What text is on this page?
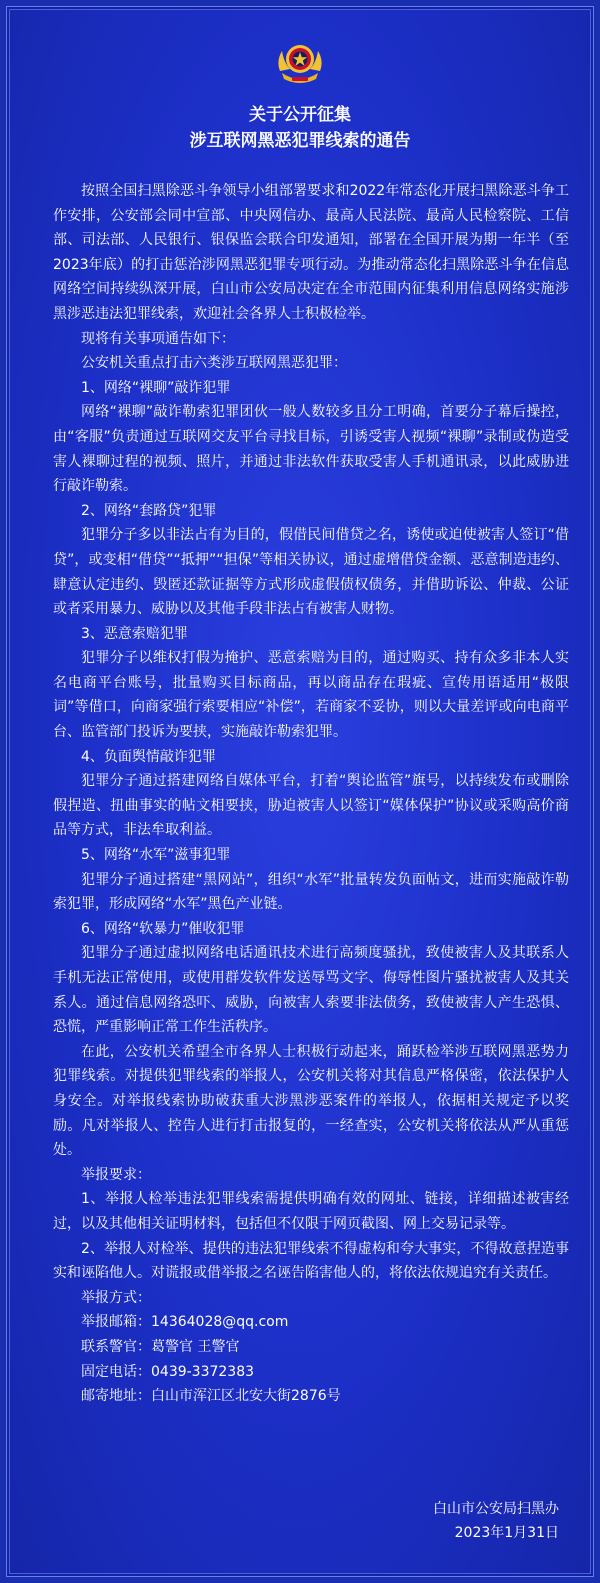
关于公开征集
涉互联网黑恶犯罪线索的通告

按照全国扫黑除恶斗争领导小组部署要求和2022年常态化开展扫黑除恶斗争工作安排，公安部会同中宣部、中央网信办、最高人民法院、最高人民检察院、工信部、司法部、人民银行、银保监会联合印发通知，部署在全国开展为期一年半（至2023年底）的打击惩治涉网黑恶犯罪专项行动。为推动常态化扫黑除恶斗争在信息网络空间持续纵深开展，白山市公安局决定在全市范围内征集利用信息网络实施涉黑涉恶违法犯罪线索，欢迎社会各界人士积极检举。

现将有关事项通告如下：

公安机关重点打击六类涉互联网黑恶犯罪：

1、网络“裸聊”敲诈犯罪

网络“裸聊”敲诈勒索犯罪团伙一般人数较多且分工明确，首要分子幕后操控，由“客服”负责通过互联网交友平台寻找目标，引诱受害人视频“裸聊”录制或伪造受害人裸聊过程的视频、照片，并通过非法软件获取受害人手机通讯录，以此威胁进行敲诈勒索。

2、网络“套路贷”犯罪

犯罪分子多以非法占有为目的，假借民间借贷之名，诱使或迫使被害人签订“借贷”，或变相“借贷”“抵押”“担保”等相关协议，通过虚增借贷金额、恶意制造违约、肆意认定违约、毁匿还款证据等方式形成虚假债权债务，并借助诉讼、仲裁、公证或者采用暴力、威胁以及其他手段非法占有被害人财物。

3、恶意索赔犯罪

犯罪分子以维权打假为掩护、恶意索赔为目的，通过购买、持有众多非本人实名电商平台账号，批量购买目标商品，再以商品存在瑕疵、宣传用语适用“极限词”等借口，向商家强行索要相应“补偿”，若商家不妥协，则以大量差评或向电商平台、监管部门投诉为要挟，实施敲诈勒索犯罪。

4、负面舆情敲诈犯罪

犯罪分子通过搭建网络自媒体平台，打着“舆论监管”旗号，以持续发布或删除假捏造、扭曲事实的帖文相要挟，胁迫被害人以签订“媒体保护”协议或采购高价商品等方式，非法牟取利益。

5、网络“水军”滋事犯罪

犯罪分子通过搭建“黑网站”，组织“水军”批量转发负面帖文，进而实施敲诈勒索犯罪，形成网络“水军”黑色产业链。

6、网络“软暴力”催收犯罪

犯罪分子通过虚拟网络电话通讯技术进行高频度骚扰，致使被害人及其联系人手机无法正常使用，或使用群发软件发送辱骂文字、侮辱性图片骚扰被害人及其关系人。通过信息网络恐吓、威胁，向被害人索要非法债务，致使被害人产生恐惧、恐慌，严重影响正常工作生活秩序。

在此，公安机关希望全市各界人士积极行动起来，踊跃检举涉互联网黑恶势力犯罪线索。对提供犯罪线索的举报人，公安机关将对其信息严格保密，依法保护人身安全。对举报线索协助破获重大涉黑涉恶案件的举报人，依据相关规定予以奖励。凡对举报人、控告人进行打击报复的，一经查实，公安机关将依法从严从重惩处。

举报要求：

1、举报人检举违法犯罪线索需提供明确有效的网址、链接，详细描述被害经过，以及其他相关证明材料，包括但不仅限于网页截图、网上交易记录等。

2、举报人对检举、提供的违法犯罪线索不得虚构和夸大事实，不得故意捏造事实和诬陷他人。对谎报或借举报之名诬告陷害他人的，将依法依规追究有关责任。

举报方式：

举报邮箱：14364028@qq.com

联系警官：葛警官 王警官

固定电话：0439-3372383

邮寄地址：白山市浑江区北安大街2876号

白山市公安局扫黑办
2023年1月31日
